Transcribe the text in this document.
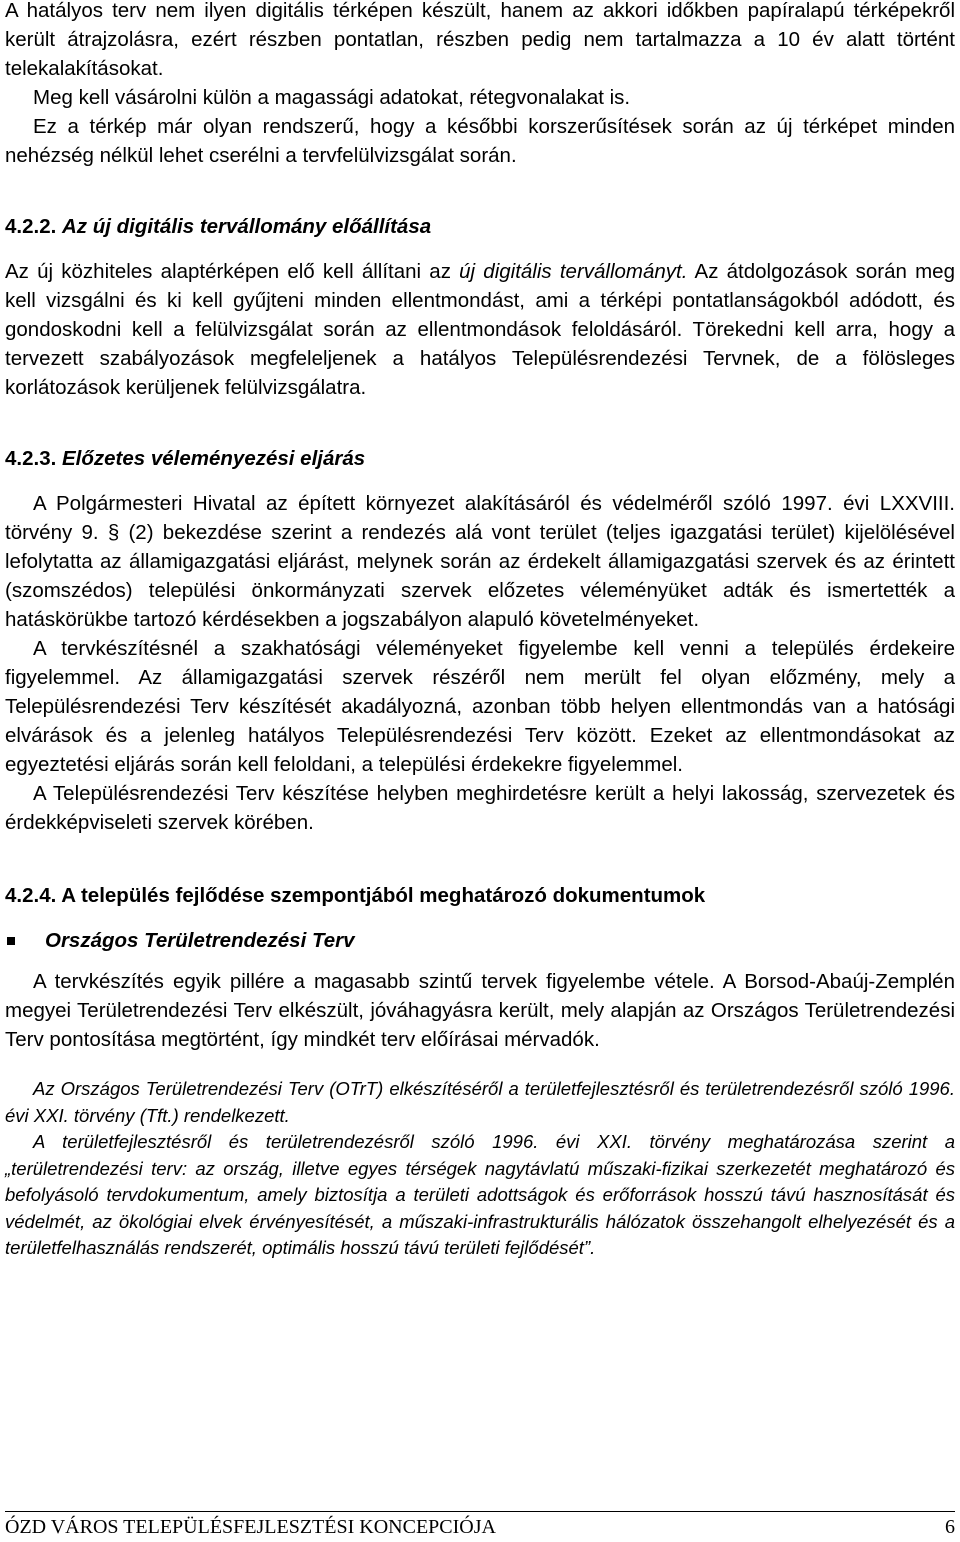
A hatályos terv nem ilyen digitális térképen készült, hanem az akkori időkben papíralapú térképekről került átrajzolásra, ezért részben pontatlan, részben pedig nem tartalmazza a 10 év alatt történt telekalakításokat.

Meg kell vásárolni külön a magassági adatokat, rétegvonalakat is.

Ez a térkép már olyan rendszerű, hogy a későbbi korszerűsítések során az új térképet minden nehézség nélkül lehet cserélni a tervfelülvizsgálat során.

4.2.2. Az új digitális tervállomány előállítása

Az új közhiteles alaptérképen elő kell állítani az új digitális tervállományt. Az átdolgozások során meg kell vizsgálni és ki kell gyűjteni minden ellentmondást, ami a térképi pontatlanságokból adódott, és gondoskodni kell a felülvizsgálat során az ellentmondások feloldásáról. Törekedni kell arra, hogy a tervezett szabályozások megfeleljenek a hatályos Településrendezési Tervnek, de a fölösleges korlátozások kerüljenek felülvizsgálatra.

4.2.3. Előzetes véleményezési eljárás

A Polgármesteri Hivatal az épített környezet alakításáról és védelméről szóló 1997. évi LXXVIII. törvény 9. § (2) bekezdése szerint a rendezés alá vont terület (teljes igazgatási terület) kijelölésével lefolytatta az államigazgatási eljárást, melynek során az érdekelt államigazgatási szervek és az érintett (szomszédos) települési önkormányzati szervek előzetes véleményüket adták és ismertették a hatáskörükbe tartozó kérdésekben a jogszabályon alapuló követelményeket.

A tervkészítésnél a szakhatósági véleményeket figyelembe kell venni a település érdekeire figyelemmel. Az államigazgatási szervek részéről nem merült fel olyan előzmény, mely a Településrendezési Terv készítését akadályozná, azonban több helyen ellentmondás van a hatósági elvárások és a jelenleg hatályos Településrendezési Terv között. Ezeket az ellentmondásokat az egyeztetési eljárás során kell feloldani, a települési érdekekre figyelemmel.

A Településrendezési Terv készítése helyben meghirdetésre került a helyi lakosság, szervezetek és érdekképviseleti szervek körében.

4.2.4. A település fejlődése szempontjából meghatározó dokumentumok

Országos Területrendezési Terv

A tervkészítés egyik pillére a magasabb szintű tervek figyelembe vétele. A Borsod-Abaúj-Zemplén megyei Területrendezési Terv elkészült, jóváhagyásra került, mely alapján az Országos Területrendezési Terv pontosítása megtörtént, így mindkét terv előírásai mérvadók.

Az Országos Területrendezési Terv (OTrT) elkészítéséről a területfejlesztésről és területrendezésről szóló 1996. évi XXI. törvény (Tft.) rendelkezett.

A területfejlesztésről és területrendezésről szóló 1996. évi XXI. törvény meghatározása szerint a „területrendezési terv: az ország, illetve egyes térségek nagytávlatú műszaki-fizikai szerkezetét meghatározó és befolyásoló tervdokumentum, amely biztosítja a területi adottságok és erőforrások hosszú távú hasznosítását és védelmét, az ökológiai elvek érvényesítését, a műszaki-infrastrukturális hálózatok összehangolt elhelyezését és a területfelhasználás rendszerét, optimális hosszú távú területi fejlődését”.

ÓZD VÁROS TELEPÜLÉSFEJLESZTÉSI KONCEPCIÓJA	6
